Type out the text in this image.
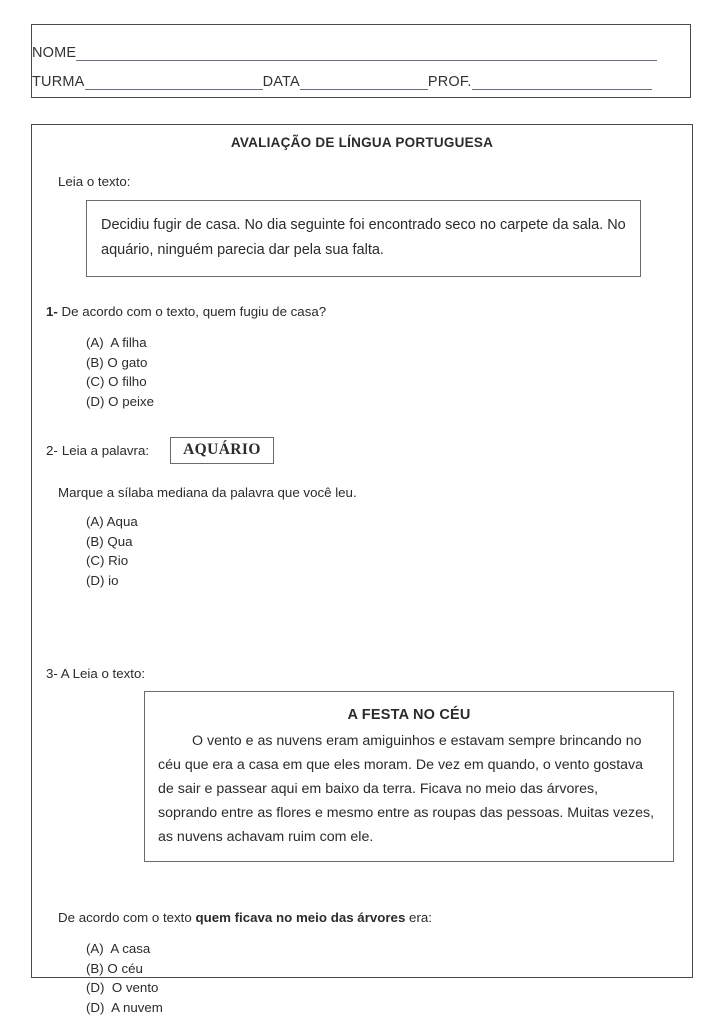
NOME
TURMA	DATA	PROF.
AVALIAÇÃO DE LÍNGUA PORTUGUESA
Leia o texto:
Decidiu fugir de casa. No dia seguinte foi encontrado seco no carpete da sala. No aquário, ninguém parecia dar pela sua falta.
1- De acordo com o texto, quem fugiu de casa?
(A)  A filha
(B) O gato
(C) O filho
(D) O peixe
2- Leia a palavra:	AQUÁRIO
Marque a sílaba mediana da palavra que você leu.
(A) Aqua
(B) Qua
(C) Rio
(D) io
3- A Leia o texto:
A FESTA NO CÉU
O vento e as nuvens eram amiguinhos e estavam sempre brincando no céu que era a casa em que eles moram. De vez em quando, o vento gostava de sair e passear aqui em baixo da terra. Ficava no meio das árvores, soprando entre as flores e mesmo entre as roupas das pessoas. Muitas vezes, as nuvens achavam ruim com ele.
De acordo com o texto quem ficava no meio das árvores era:
(A)  A casa
(B) O céu
(D)  O vento
(D)  A nuvem
